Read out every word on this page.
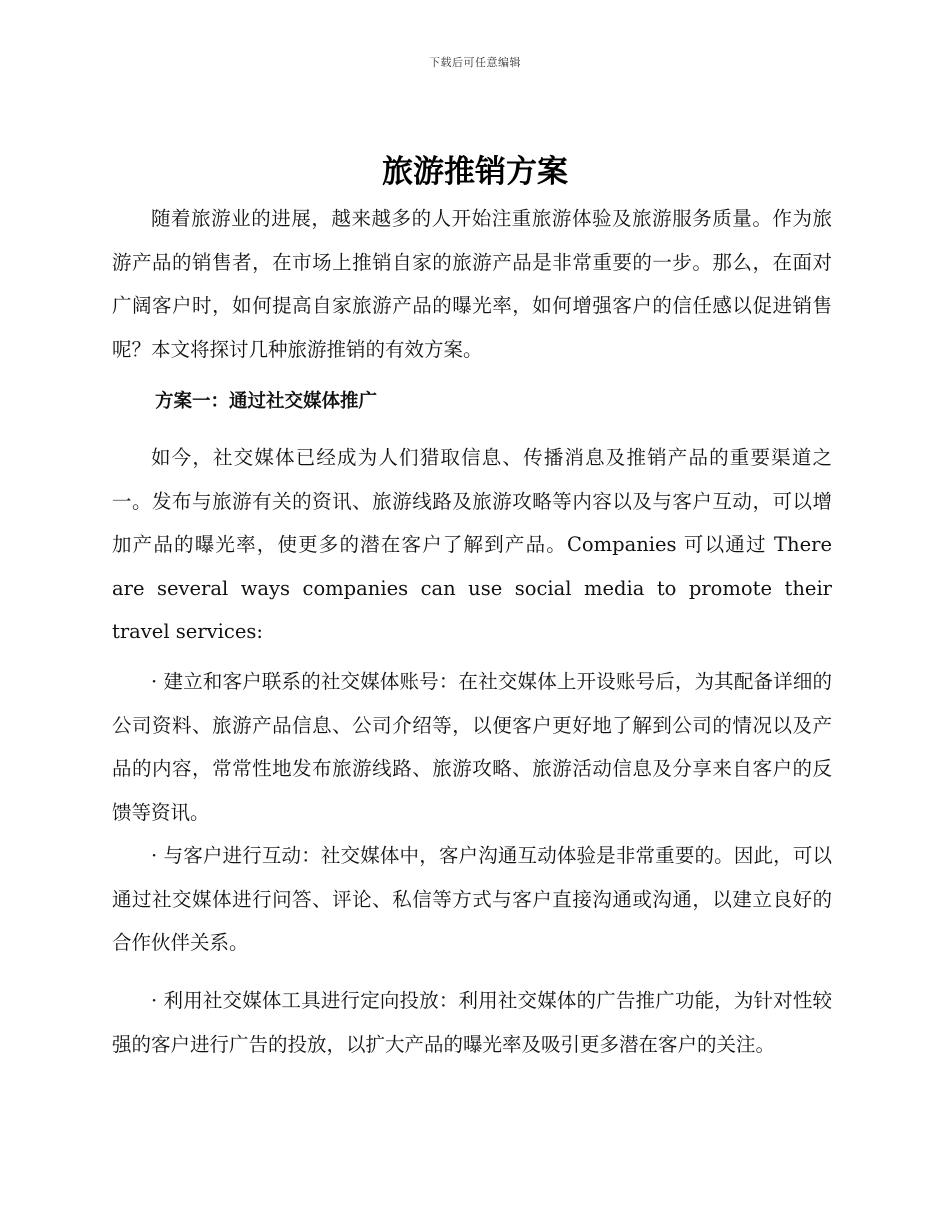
下载后可任意编辑
旅游推销方案

随着旅游业的进展，越来越多的人开始注重旅游体验及旅游服务质量。作为旅游产品的销售者，在市场上推销自家的旅游产品是非常重要的一步。那么，在面对广阔客户时，如何提高自家旅游产品的曝光率，如何增强客户的信任感以促进销售呢？本文将探讨几种旅游推销的有效方案。

方案一：通过社交媒体推广

如今，社交媒体已经成为人们猎取信息、传播消息及推销产品的重要渠道之一。发布与旅游有关的资讯、旅游线路及旅游攻略等内容以及与客户互动，可以增加产品的曝光率，使更多的潜在客户了解到产品。Companies 可以通过 There are several ways companies can use social media to promote their travel services:

· 建立和客户联系的社交媒体账号：在社交媒体上开设账号后，为其配备详细的公司资料、旅游产品信息、公司介绍等，以便客户更好地了解到公司的情况以及产品的内容，常常性地发布旅游线路、旅游攻略、旅游活动信息及分享来自客户的反馈等资讯。

· 与客户进行互动：社交媒体中，客户沟通互动体验是非常重要的。因此，可以通过社交媒体进行问答、评论、私信等方式与客户直接沟通或沟通，以建立良好的合作伙伴关系。

· 利用社交媒体工具进行定向投放：利用社交媒体的广告推广功能，为针对性较强的客户进行广告的投放，以扩大产品的曝光率及吸引更多潜在客户的关注。
